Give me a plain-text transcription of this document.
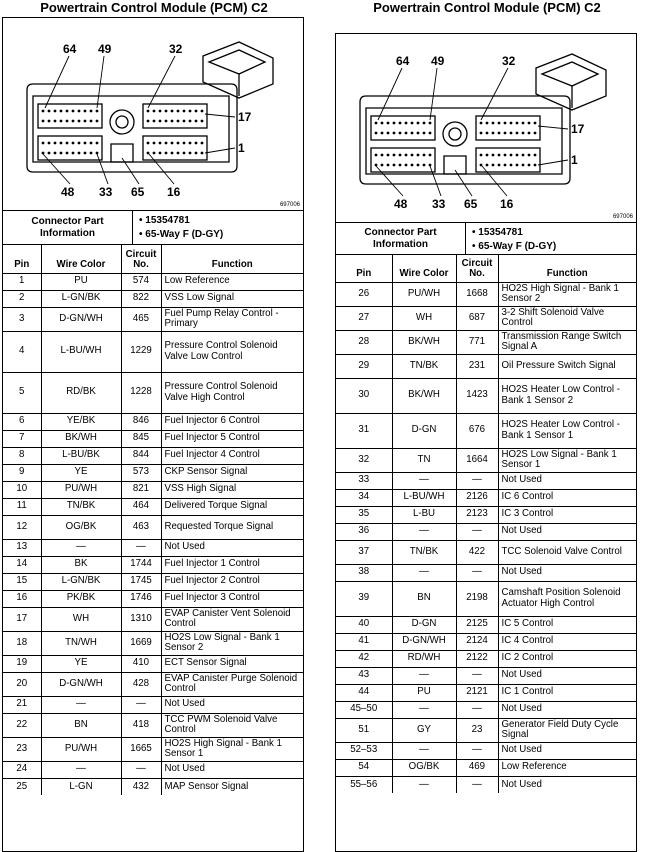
Powertrain Control Module (PCM) C2
64 49	32
17
1
48 33 65 16
697006
Connector Part Information
• 15354781
• 65-Way F (D-GY)
Pin	Wire Color	Circuit No.	Function
1	PU	574	Low Reference
2	L-GN/BK	822	VSS Low Signal
3	D-GN/WH	465	Fuel Pump Relay Control - Primary
4	L-BU/WH	1229	Pressure Control Solenoid Valve Low Control
5	RD/BK	1228	Pressure Control Solenoid Valve High Control
6	YE/BK	846	Fuel Injector 6 Control
7	BK/WH	845	Fuel Injector 5 Control
8	L-BU/BK	844	Fuel Injector 4 Control
9	YE	573	CKP Sensor Signal
10	PU/WH	821	VSS High Signal
11	TN/BK	464	Delivered Torque Signal
12	OG/BK	463	Requested Torque Signal
13	—	—	Not Used
14	BK	1744	Fuel Injector 1 Control
15	L-GN/BK	1745	Fuel Injector 2 Control
16	PK/BK	1746	Fuel Injector 3 Control
17	WH	1310	EVAP Canister Vent Solenoid Control
18	TN/WH	1669	HO2S Low Signal - Bank 1 Sensor 2
19	YE	410	ECT Sensor Signal
20	D-GN/WH	428	EVAP Canister Purge Solenoid Control
21	—	—	Not Used
22	BN	418	TCC PWM Solenoid Valve Control
23	PU/WH	1665	HO2S High Signal - Bank 1 Sensor 1
24	—	—	Not Used
25	L-GN	432	MAP Sensor Signal
Powertrain Control Module (PCM) C2
64 49	32
17
1
48 33 65 16
697006
Connector Part Information
• 15354781
• 65-Way F (D-GY)
Pin	Wire Color	Circuit No.	Function
26	PU/WH	1668	HO2S High Signal - Bank 1 Sensor 2
27	WH	687	3-2 Shift Solenoid Valve Control
28	BK/WH	771	Transmission Range Switch Signal A
29	TN/BK	231	Oil Pressure Switch Signal
30	BK/WH	1423	HO2S Heater Low Control - Bank 1 Sensor 2
31	D-GN	676	HO2S Heater Low Control - Bank 1 Sensor 1
32	TN	1664	HO2S Low Signal - Bank 1 Sensor 1
33	—	—	Not Used
34	L-BU/WH	2126	IC 6 Control
35	L-BU	2123	IC 3 Control
36	—	—	Not Used
37	TN/BK	422	TCC Solenoid Valve Control
38	—	—	Not Used
39	BN	2198	Camshaft Position Solenoid Actuator High Control
40	D-GN	2125	IC 5 Control
41	D-GN/WH	2124	IC 4 Control
42	RD/WH	2122	IC 2 Control
43	—	—	Not Used
44	PU	2121	IC 1 Control
45–50	—	—	Not Used
51	GY	23	Generator Field Duty Cycle Signal
52–53	—	—	Not Used
54	OG/BK	469	Low Reference
55–56	—	—	Not Used
